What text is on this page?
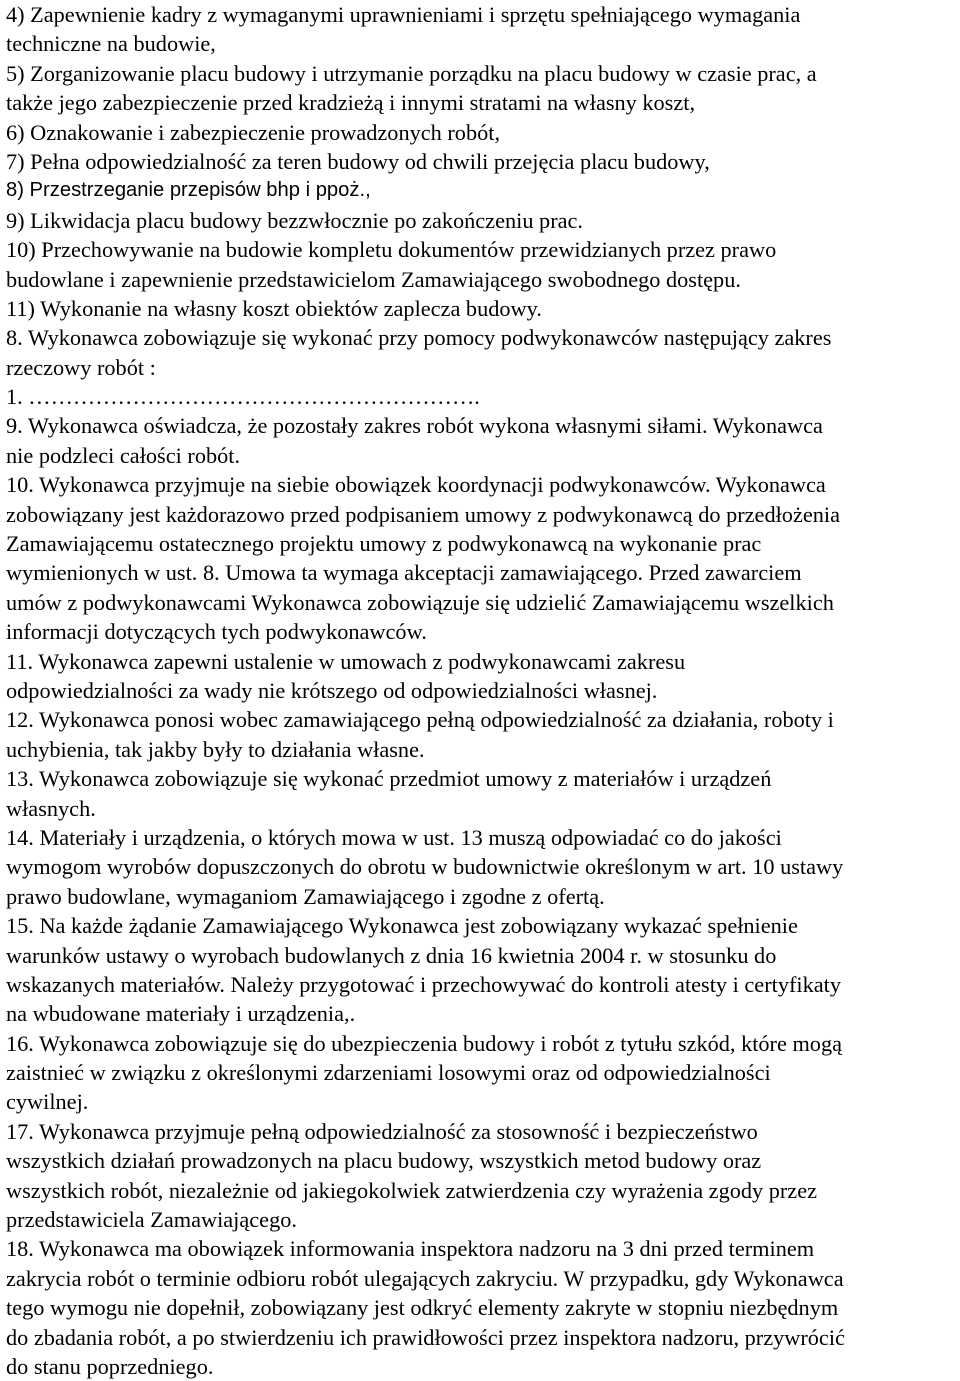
4) Zapewnienie kadry z wymaganymi uprawnieniami i sprzętu spełniającego wymagania
techniczne na budowie,
5) Zorganizowanie placu budowy i utrzymanie porządku na placu budowy w czasie prac, a
także jego zabezpieczenie przed kradzieżą i innymi stratami na własny koszt,
6) Oznakowanie i zabezpieczenie prowadzonych robót,
7) Pełna odpowiedzialność za teren budowy od chwili przejęcia placu budowy,
8) Przestrzeganie przepisów bhp i ppoż.,
9) Likwidacja placu budowy bezzwłocznie po zakończeniu prac.
10) Przechowywanie na budowie kompletu dokumentów przewidzianych przez prawo
budowlane i zapewnienie przedstawicielom Zamawiającego swobodnego dostępu.
11) Wykonanie na własny koszt obiektów zaplecza budowy.
8. Wykonawca zobowiązuje się wykonać przy pomocy podwykonawców następujący zakres
rzeczowy robót :
1. …………………………………………………….
9. Wykonawca oświadcza, że pozostały zakres robót wykona własnymi siłami. Wykonawca
nie podzleci całości robót.
10. Wykonawca przyjmuje na siebie obowiązek koordynacji podwykonawców. Wykonawca
zobowiązany jest każdorazowo przed podpisaniem umowy z podwykonawcą do przedłożenia
Zamawiającemu ostatecznego projektu umowy z podwykonawcą na wykonanie prac
wymienionych w ust. 8. Umowa ta wymaga akceptacji zamawiającego. Przed zawarciem
umów z podwykonawcami Wykonawca zobowiązuje się udzielić Zamawiającemu wszelkich
informacji dotyczących tych podwykonawców.
11. Wykonawca zapewni ustalenie w umowach z podwykonawcami zakresu
odpowiedzialności za wady nie krótszego od odpowiedzialności własnej.
12. Wykonawca ponosi wobec zamawiającego pełną odpowiedzialność za działania, roboty i
uchybienia, tak jakby były to działania własne.
13. Wykonawca zobowiązuje się wykonać przedmiot umowy z materiałów i urządzeń
własnych.
14. Materiały i urządzenia, o których mowa w ust. 13 muszą odpowiadać co do jakości
wymogom wyrobów dopuszczonych do obrotu w budownictwie określonym w art. 10 ustawy
prawo budowlane, wymaganiom Zamawiającego i zgodne z ofertą.
15. Na każde żądanie Zamawiającego Wykonawca jest zobowiązany wykazać spełnienie
warunków ustawy o wyrobach budowlanych z dnia 16 kwietnia 2004 r. w stosunku do
wskazanych materiałów. Należy przygotować i przechowywać do kontroli atesty i certyfikaty
na wbudowane materiały i urządzenia,.
16. Wykonawca zobowiązuje się do ubezpieczenia budowy i robót z tytułu szkód, które mogą
zaistnieć w związku z określonymi zdarzeniami losowymi oraz od odpowiedzialności
cywilnej.
17. Wykonawca przyjmuje pełną odpowiedzialność za stosowność i bezpieczeństwo
wszystkich działań prowadzonych na placu budowy, wszystkich metod budowy oraz
wszystkich robót, niezależnie od jakiegokolwiek zatwierdzenia czy wyrażenia zgody przez
przedstawiciela Zamawiającego.
18. Wykonawca ma obowiązek informowania inspektora nadzoru na 3 dni przed terminem
zakrycia robót o terminie odbioru robót ulegających zakryciu. W przypadku, gdy Wykonawca
tego wymogu nie dopełnił, zobowiązany jest odkryć elementy zakryte w stopniu niezbędnym
do zbadania robót, a po stwierdzeniu ich prawidłowości przez inspektora nadzoru, przywrócić
do stanu poprzedniego.
